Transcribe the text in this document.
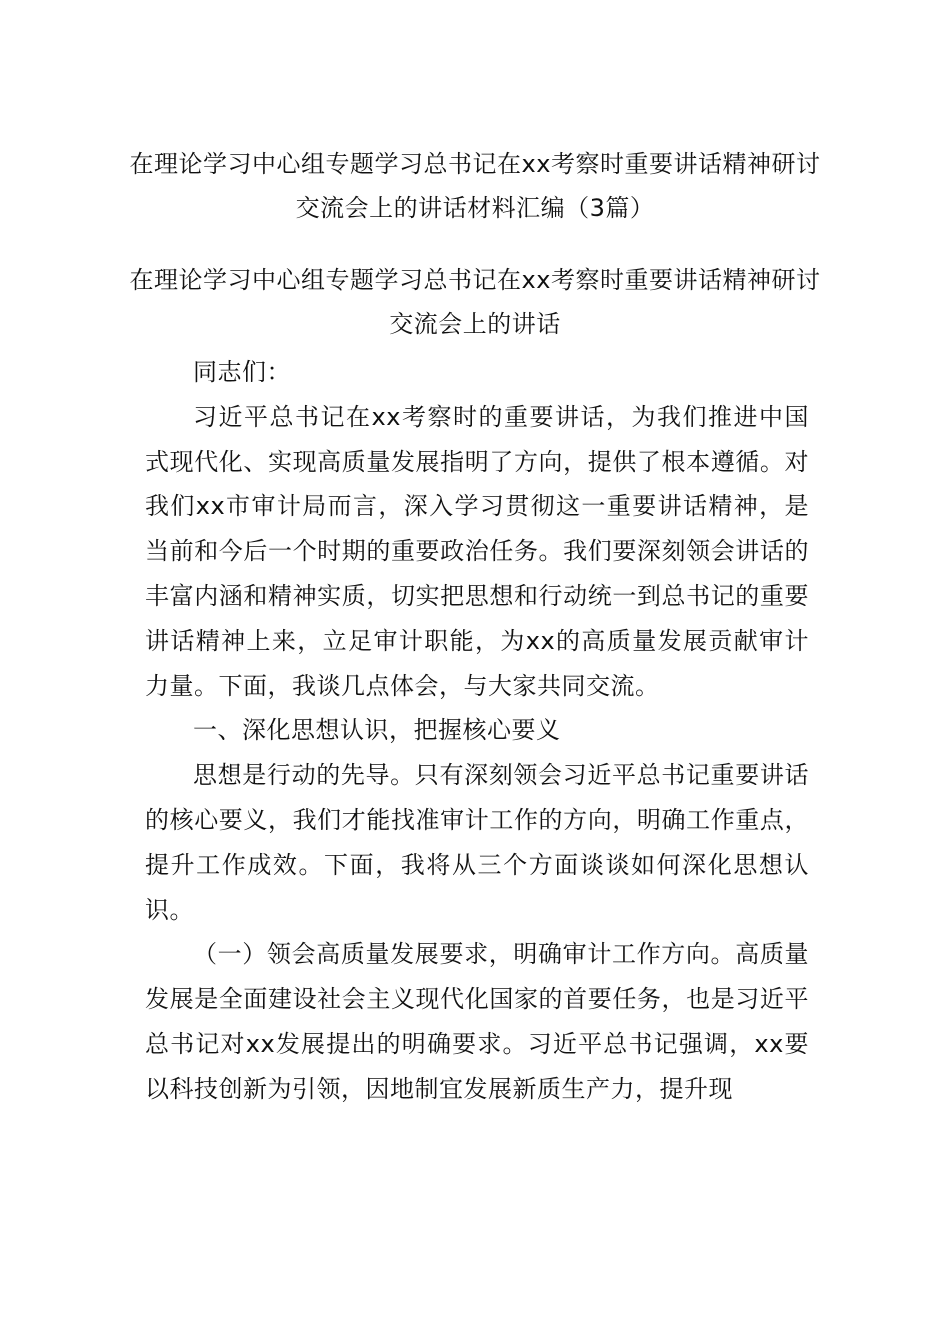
在理论学习中心组专题学习总书记在xx考察时重要讲话精神研讨交流会上的讲话材料汇编（3篇）
在理论学习中心组专题学习总书记在xx考察时重要讲话精神研讨交流会上的讲话

同志们：

习近平总书记在xx考察时的重要讲话，为我们推进中国式现代化、实现高质量发展指明了方向，提供了根本遵循。对我们xx市审计局而言，深入学习贯彻这一重要讲话精神，是当前和今后一个时期的重要政治任务。我们要深刻领会讲话的丰富内涵和精神实质，切实把思想和行动统一到总书记的重要讲话精神上来，立足审计职能，为xx的高质量发展贡献审计力量。下面，我谈几点体会，与大家共同交流。

一、深化思想认识，把握核心要义

思想是行动的先导。只有深刻领会习近平总书记重要讲话的核心要义，我们才能找准审计工作的方向，明确工作重点，提升工作成效。下面，我将从三个方面谈谈如何深化思想认识。

（一）领会高质量发展要求，明确审计工作方向。高质量发展是全面建设社会主义现代化国家的首要任务，也是习近平总书记对xx发展提出的明确要求。习近平总书记强调，xx要以科技创新为引领，因地制宜发展新质生产力，提升现
